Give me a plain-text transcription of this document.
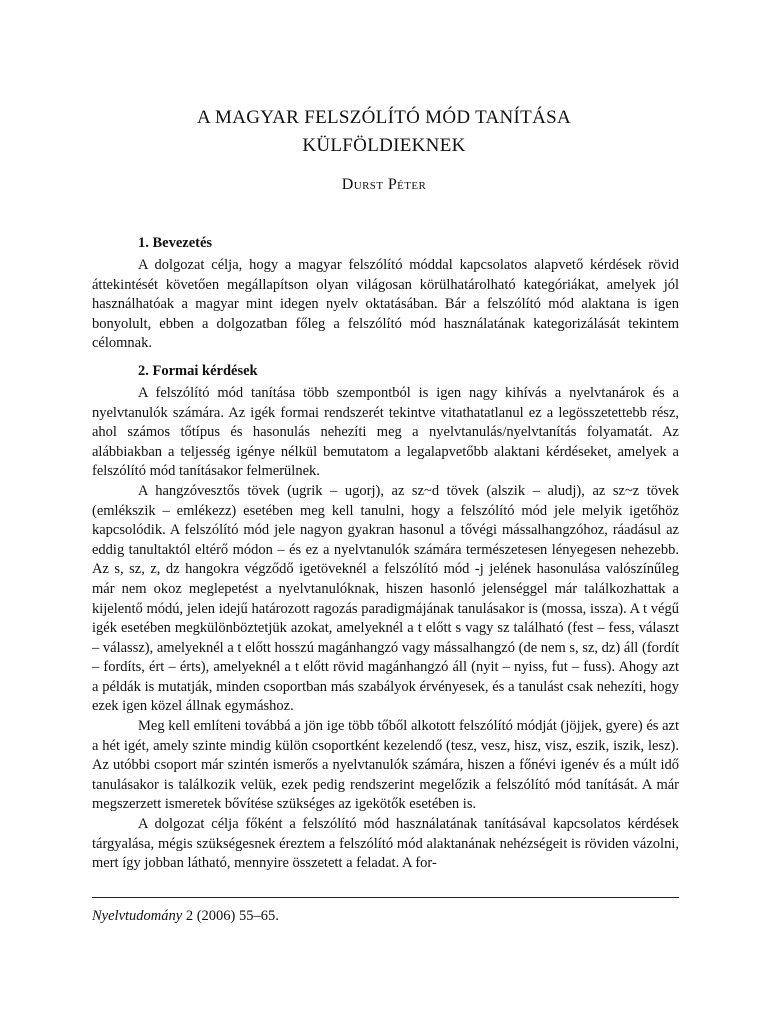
A MAGYAR FELSZÓLÍTÓ MÓD TANÍTÁSA
KÜLFÖLDIEKNEK
Durst Péter
1. Bevezetés

A dolgozat célja, hogy a magyar felszólító móddal kapcsolatos alapvető kérdések rövid áttekintését követően megállapítson olyan világosan körülhatárolható kategóriákat, amelyek jól használhatóak a magyar mint idegen nyelv oktatásában. Bár a felszólító mód alaktana is igen bonyolult, ebben a dolgozatban főleg a felszólító mód használatának kategorizálását tekintem célomnak.

2. Formai kérdések

A felszólító mód tanítása több szempontból is igen nagy kihívás a nyelvtanárok és a nyelvtanulók számára. Az igék formai rendszerét tekintve vitathatatlanul ez a legösszetettebb rész, ahol számos tőtípus és hasonulás nehezíti meg a nyelvtanulás/nyelvtanítás folyamatát. Az alábbiakban a teljesség igénye nélkül bemutatom a legalapvetőbb alaktani kérdéseket, amelyek a felszólító mód tanításakor felmerülnek.

A hangzóvesztős tövek (ugrik – ugorj), az sz~d tövek (alszik – aludj), az sz~z tövek (emlékszik – emlékezz) esetében meg kell tanulni, hogy a felszólító mód jele melyik igetőhöz kapcsolódik. A felszólító mód jele nagyon gyakran hasonul a tővégi mássalhangzóhoz, ráadásul az eddig tanultaktól eltérő módon – és ez a nyelvtanulók számára természetesen lényegesen nehezebb. Az s, sz, z, dz hangokra végződő igetöveknél a felszólító mód -j jelének hasonulása valószínűleg már nem okoz meglepetést a nyelvtanulóknak, hiszen hasonló jelenséggel már találkozhattak a kijelentő módú, jelen idejű határozott ragozás paradigmájának tanulásakor is (mossa, issza). A t végű igék esetében megkülönböztetjük azokat, amelyeknél a t előtt s vagy sz található (fest – fess, választ – válassz), amelyeknél a t előtt hosszú magánhangzó vagy mássalhangzó (de nem s, sz, dz) áll (fordít – fordíts, ért – érts), amelyeknél a t előtt rövid magánhangzó áll (nyit – nyiss, fut – fuss). Ahogy azt a példák is mutatják, minden csoportban más szabályok érvényesek, és a tanulást csak nehezíti, hogy ezek igen közel állnak egymáshoz.

Meg kell említeni továbbá a jön ige több tőből alkotott felszólító módját (jöjjek, gyere) és azt a hét igét, amely szinte mindig külön csoportként kezelendő (tesz, vesz, hisz, visz, eszik, iszik, lesz). Az utóbbi csoport már szintén ismerős a nyelvtanulók számára, hiszen a főnévi igenév és a múlt idő tanulásakor is találkozik velük, ezek pedig rendszerint megelőzik a felszólító mód tanítását. A már megszerzett ismeretek bővítése szükséges az igekötők esetében is.

A dolgozat célja főként a felszólító mód használatának tanításával kapcsolatos kérdések tárgyalása, mégis szükségesnek éreztem a felszólító mód alaktanának nehézségeit is röviden vázolni, mert így jobban látható, mennyire összetett a feladat. A for-

Nyelvtudomány 2 (2006) 55–65.
